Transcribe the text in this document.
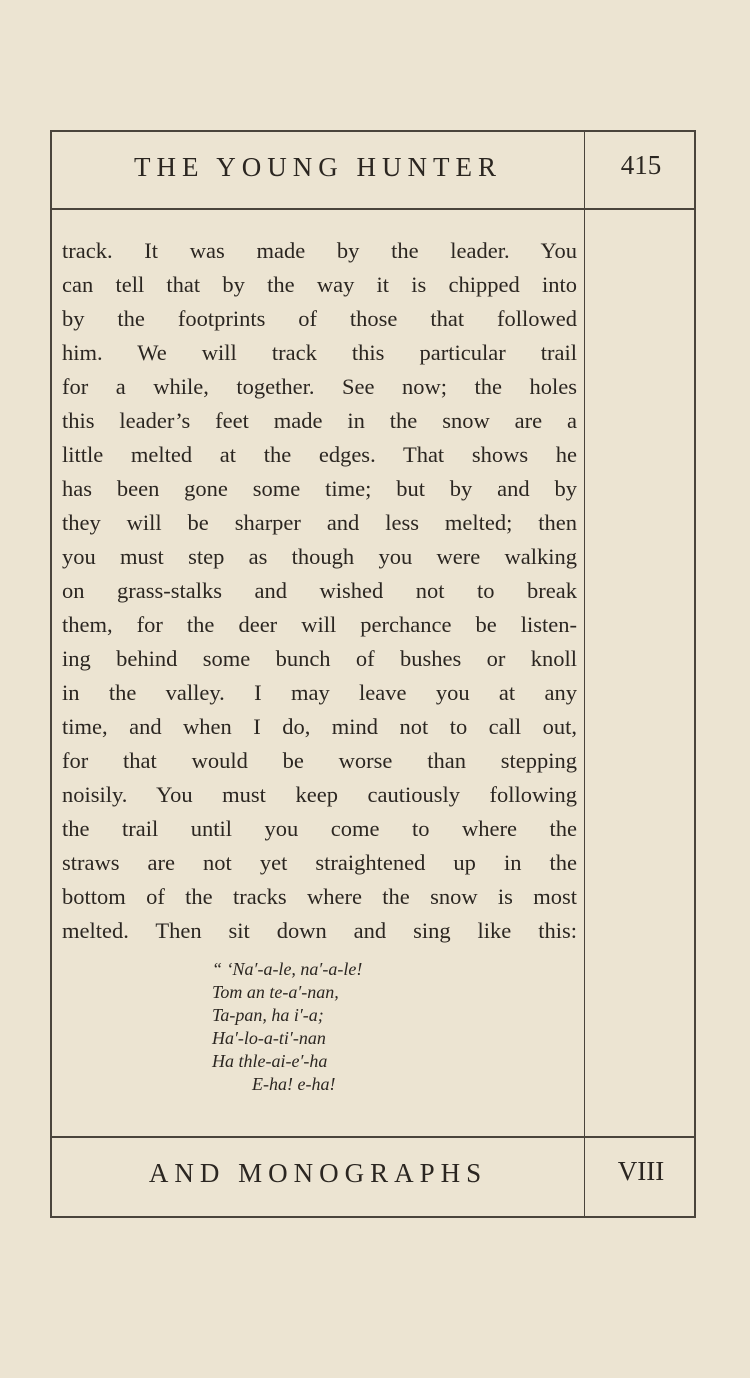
THE YOUNG HUNTER	415
track. It was made by the leader. You
can tell that by the way it is chipped into
by the footprints of those that followed
him. We will track this particular trail
for a while, together. See now; the holes
this leader’s feet made in the snow are a
little melted at the edges. That shows he
has been gone some time; but by and by
they will be sharper and less melted; then
you must step as though you were walking
on grass-stalks and wished not to break
them, for the deer will perchance be listen-
ing behind some bunch of bushes or knoll
in the valley. I may leave you at any
time, and when I do, mind not to call out,
for that would be worse than stepping
noisily. You must keep cautiously following
the trail until you come to where the
straws are not yet straightened up in the
bottom of the tracks where the snow is most
melted. Then sit down and sing like this:
“ ‘Na′-a-le, na′-a-le!
Tom an te-a′-nan,
Ta-pan, ha i′-a;
Ha′-lo-a-ti′-nan
Ha thle-ai-e′-ha
E-ha! e-ha!
AND MONOGRAPHS	VIII
